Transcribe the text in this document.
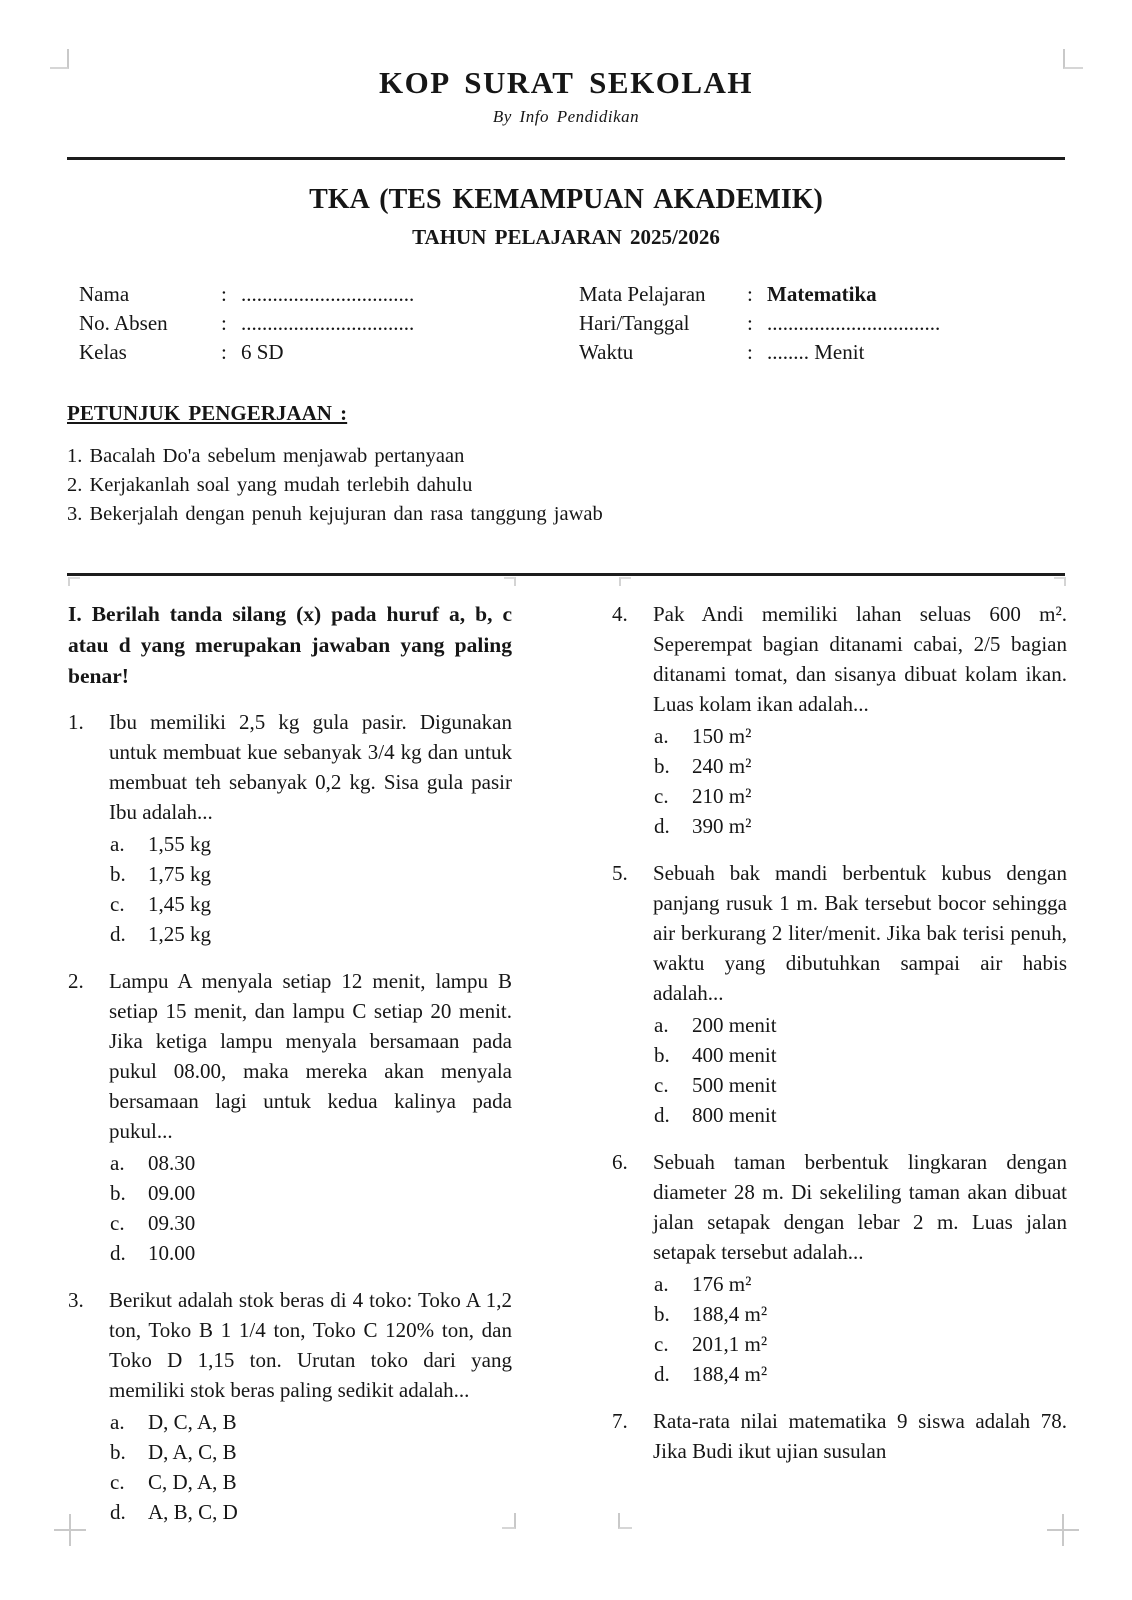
KOP SURAT SEKOLAH
By Info Pendidikan
TKA (TES KEMAMPUAN AKADEMIK)
TAHUN PELAJARAN 2025/2026
Nama	: .................................
No. Absen	: .................................
Kelas	: 6 SD
Mata Pelajaran	: Matematika
Hari/Tanggal	: .................................
Waktu	: ........ Menit
PETUNJUK PENGERJAAN :
1. Bacalah Do'a sebelum menjawab pertanyaan
2. Kerjakanlah soal yang mudah terlebih dahulu
3. Bekerjalah dengan penuh kejujuran dan rasa tanggung jawab
I. Berilah tanda silang (x) pada huruf a, b, c atau d yang merupakan jawaban yang paling benar!
1.	Ibu memiliki 2,5 kg gula pasir. Digunakan untuk membuat kue sebanyak 3/4 kg dan untuk membuat teh sebanyak 0,2 kg. Sisa gula pasir Ibu adalah...
a.	1,55 kg
b.	1,75 kg
c.	1,45 kg
d.	1,25 kg
2.	Lampu A menyala setiap 12 menit, lampu B setiap 15 menit, dan lampu C setiap 20 menit. Jika ketiga lampu menyala bersamaan pada pukul 08.00, maka mereka akan menyala bersamaan lagi untuk kedua kalinya pada pukul...
a.	08.30
b.	09.00
c.	09.30
d.	10.00
3.	Berikut adalah stok beras di 4 toko: Toko A 1,2 ton, Toko B 1 1/4 ton, Toko C 120% ton, dan Toko D 1,15 ton. Urutan toko dari yang memiliki stok beras paling sedikit adalah...
a.	D, C, A, B
b.	D, A, C, B
c.	C, D, A, B
d.	A, B, C, D
4.	Pak Andi memiliki lahan seluas 600 m². Seperempat bagian ditanami cabai, 2/5 bagian ditanami tomat, dan sisanya dibuat kolam ikan. Luas kolam ikan adalah...
a.	150 m²
b.	240 m²
c.	210 m²
d.	390 m²
5.	Sebuah bak mandi berbentuk kubus dengan panjang rusuk 1 m. Bak tersebut bocor sehingga air berkurang 2 liter/menit. Jika bak terisi penuh, waktu yang dibutuhkan sampai air habis adalah...
a.	200 menit
b.	400 menit
c.	500 menit
d.	800 menit
6.	Sebuah taman berbentuk lingkaran dengan diameter 28 m. Di sekeliling taman akan dibuat jalan setapak dengan lebar 2 m. Luas jalan setapak tersebut adalah...
a.	176 m²
b.	188,4 m²
c.	201,1 m²
d.	188,4 m²
7.	Rata-rata nilai matematika 9 siswa adalah 78. Jika Budi ikut ujian susulan
